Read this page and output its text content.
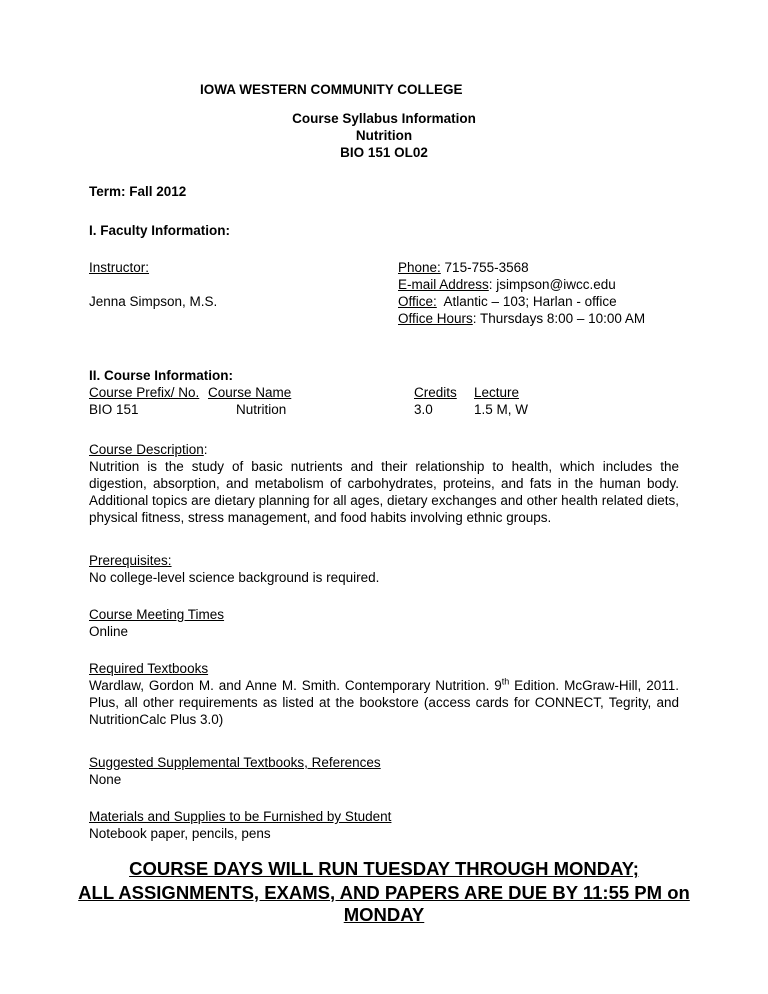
IOWA WESTERN COMMUNITY COLLEGE
Course Syllabus Information
Nutrition
BIO 151 OL02
Term: Fall 2012
I. Faculty Information:
Instructor:
Jenna Simpson, M.S.
Phone: 715-755-3568
E-mail Address: jsimpson@iwcc.edu
Office:  Atlantic – 103; Harlan - office
Office Hours: Thursdays 8:00 – 10:00 AM
II. Course Information:
Course Prefix/ No. Course Name	Credits Lecture
BIO 151	Nutrition	3.0	1.5 M, W
Course Description:
Nutrition is the study of basic nutrients and their relationship to health, which includes the digestion, absorption, and metabolism of carbohydrates, proteins, and fats in the human body. Additional topics are dietary planning for all ages, dietary exchanges and other health related diets, physical fitness, stress management, and food habits involving ethnic groups.
Prerequisites:
No college-level science background is required.
Course Meeting Times
Online
Required Textbooks
Wardlaw, Gordon M. and Anne M. Smith. Contemporary Nutrition. 9th Edition. McGraw-Hill, 2011. Plus, all other requirements as listed at the bookstore (access cards for CONNECT, Tegrity, and NutritionCalc Plus 3.0)
Suggested Supplemental Textbooks, References
None
Materials and Supplies to be Furnished by Student
Notebook paper, pencils, pens
COURSE DAYS WILL RUN TUESDAY THROUGH MONDAY;
ALL ASSIGNMENTS, EXAMS, AND PAPERS ARE DUE BY 11:55 PM on MONDAY
